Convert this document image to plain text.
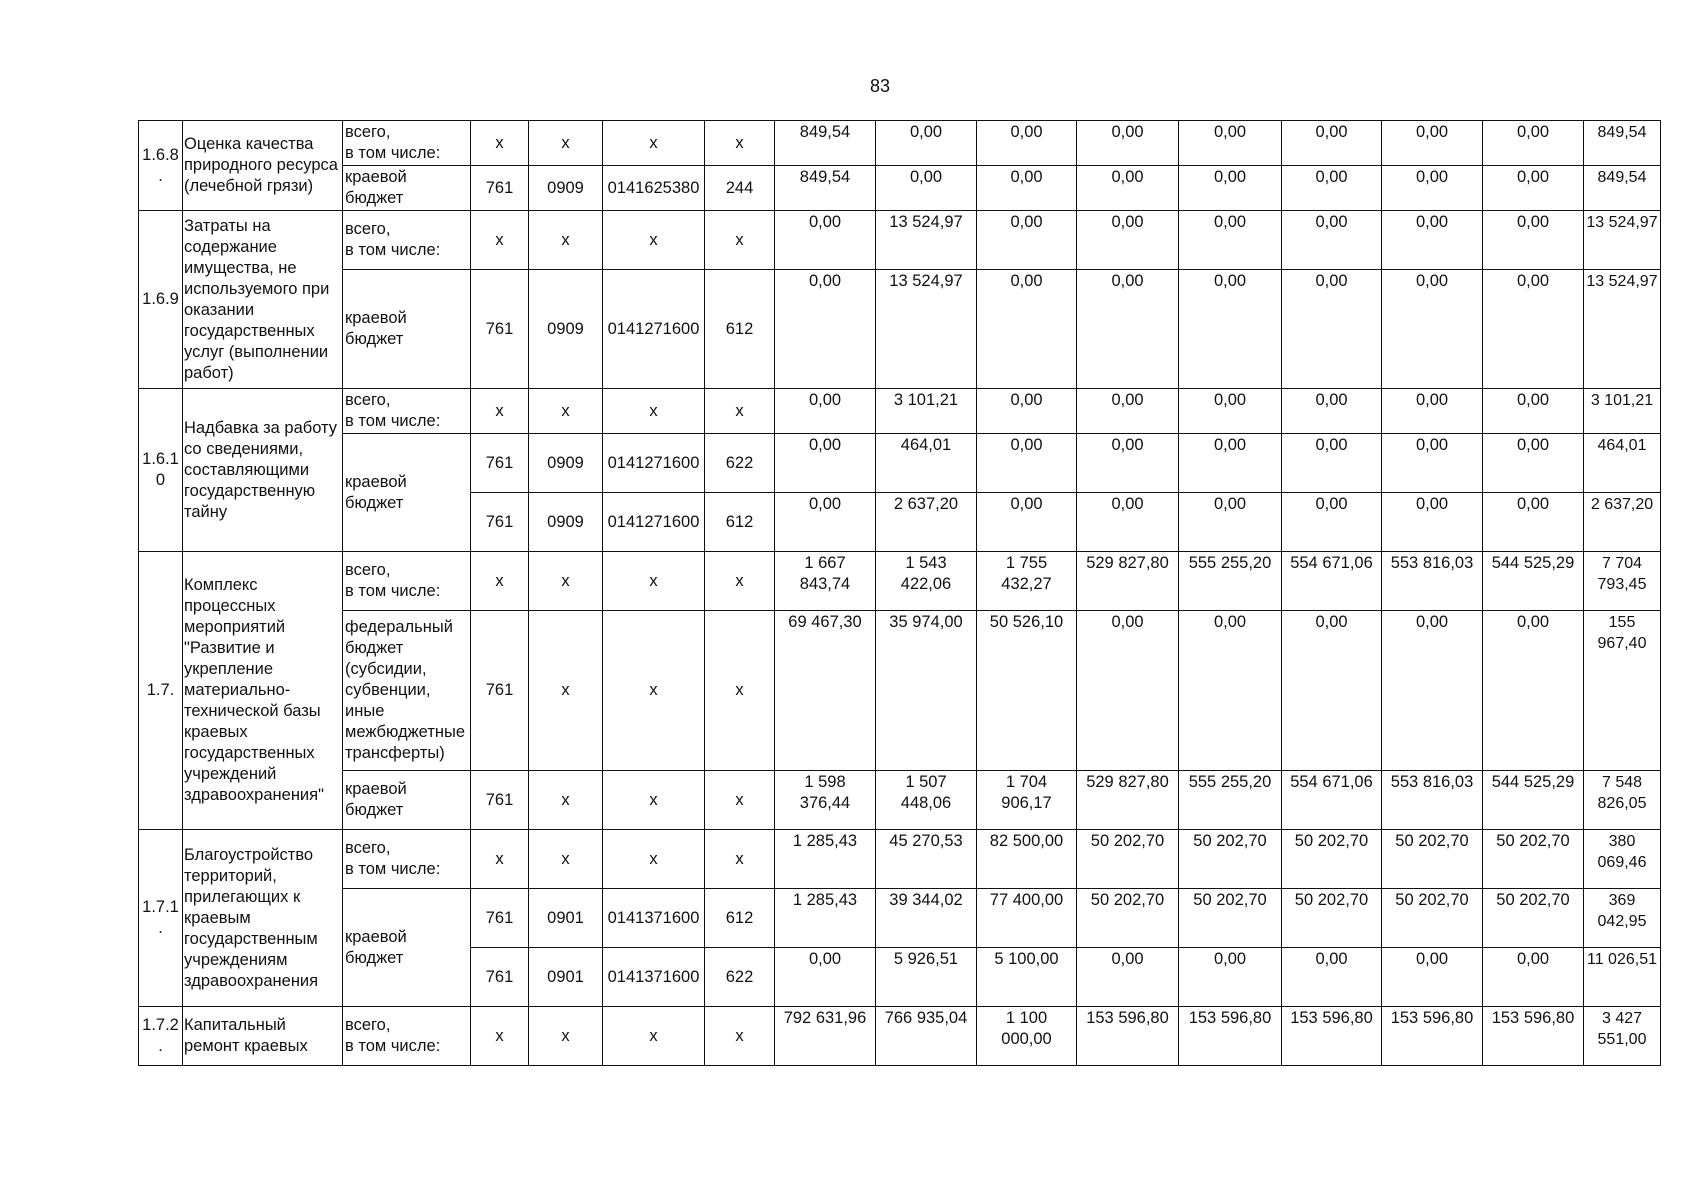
83
1.6.8.	Оценка качества природного ресурса (лечебной грязи)	всего,
в том числе:	x	x	x	x	849,54	0,00	0,00	0,00	0,00	0,00	0,00	0,00	849,54
		краевой бюджет	761	0909	0141625380	244	849,54	0,00	0,00	0,00	0,00	0,00	0,00	0,00	849,54
1.6.9	Затраты на содержание имущества, не используемого при оказании государственных услуг (выполнении работ)	всего,
в том числе:	x	x	x	x	0,00	13 524,97	0,00	0,00	0,00	0,00	0,00	0,00	13 524,97
		краевой бюджет	761	0909	0141271600	612	0,00	13 524,97	0,00	0,00	0,00	0,00	0,00	0,00	13 524,97
1.6.10	Надбавка за работу со сведениями, составляющими государственную тайну	всего,
в том числе:	x	x	x	x	0,00	3 101,21	0,00	0,00	0,00	0,00	0,00	0,00	3 101,21
		краевой бюджет	761	0909	0141271600	622	0,00	464,01	0,00	0,00	0,00	0,00	0,00	0,00	464,01
			761	0909	0141271600	612	0,00	2 637,20	0,00	0,00	0,00	0,00	0,00	0,00	2 637,20
1.7.	Комплекс процессных мероприятий "Развитие и укрепление материально-технической базы краевых государственных учреждений здравоохранения"	всего,
в том числе:	x	x	x	x	1 667 843,74	1 543 422,06	1 755 432,27	529 827,80	555 255,20	554 671,06	553 816,03	544 525,29	7 704 793,45
		федеральный бюджет (субсидии, субвенции, иные межбюджетные трансферты)	761	x	x	x	69 467,30	35 974,00	50 526,10	0,00	0,00	0,00	0,00	0,00	155 967,40
		краевой бюджет	761	x	x	x	1 598 376,44	1 507 448,06	1 704 906,17	529 827,80	555 255,20	554 671,06	553 816,03	544 525,29	7 548 826,05
1.7.1.	Благоустройство территорий, прилегающих к краевым государственным учреждениям здравоохранения	всего,
в том числе:	x	x	x	x	1 285,43	45 270,53	82 500,00	50 202,70	50 202,70	50 202,70	50 202,70	50 202,70	380 069,46
		краевой бюджет	761	0901	0141371600	612	1 285,43	39 344,02	77 400,00	50 202,70	50 202,70	50 202,70	50 202,70	50 202,70	369 042,95
			761	0901	0141371600	622	0,00	5 926,51	5 100,00	0,00	0,00	0,00	0,00	0,00	11 026,51
1.7.2.	Капитальный ремонт краевых	всего,
в том числе:	x	x	x	x	792 631,96	766 935,04	1 100 000,00	153 596,80	153 596,80	153 596,80	153 596,80	153 596,80	3 427 551,00
